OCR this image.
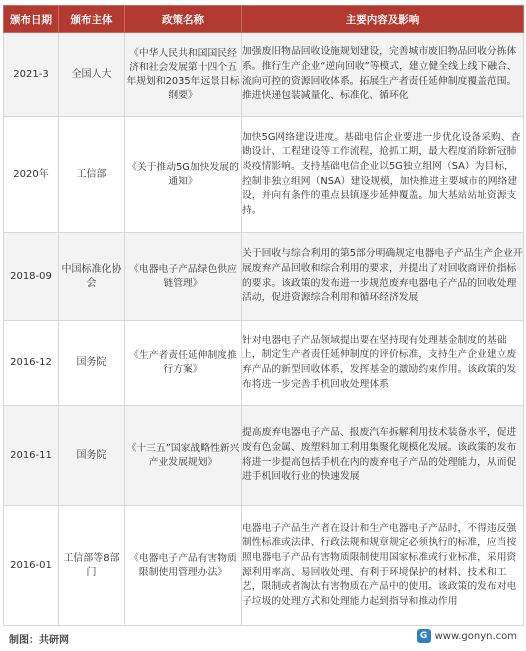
颁布日期	颁布主体	政策名称	主要内容及影响
2021-3	全国人大	《中华人民共和国国民经济和社会发展第十四个五年规划和2035年远景目标纲要》	加强废旧物品回收设施规划建设，完善城市废旧物品回收分拣体系。推行生产企业“逆向回收”等模式，建立健全线上线下融合、流向可控的资源回收体系。拓展生产者责任延伸制度覆盖范围。推进快递包装减量化、标准化、循环化
2020年	工信部	《关于推动5G加快发展的通知》	加快5G网络建设进度。基础电信企业要进一步优化设备采购、查勘设计、工程建设等工作流程，抢抓工期，最大程度消除新冠肺炎疫情影响。支持基础电信企业以5G独立组网（SA）为目标，控制非独立组网（NSA）建设规模，加快推进主要城市的网络建设，并向有条件的重点县镇逐步延伸覆盖。加大基站站址资源支持。
2018-09	中国标准化协会	《电器电子产品绿色供应链管理》	关于回收与综合利用的第5部分明确规定电器电子产品生产企业开展废弃产品回收和综合利用的要求，并提出了对回收商评价指标的要求。该政策的发布进一步规范废弃电器电子产品的回收处理活动，促进资源综合利用和循环经济发展
2016-12	国务院	《生产者责任延伸制度推行方案》	针对电器电子产品领域提出要在坚持现有处理基金制度的基础上，制定生产者责任延伸制度的评价标准，支持生产企业建立废弃产品的新型回收体系，发挥基金的激励约束作用。该政策的发布将进一步完善手机回收处理体系
2016-11	国务院	《十三五”国家战略性新兴产业发展规划》	提高废弃电器电子产品、报废汽车拆解利用技术装备水平，促进废有色金属、废塑料加工利用集聚化规模化发展。该政策的发布将进一步提高包括手机在内的废弃电子产品的处理能力，从而促进手机回收行业的快速发展
2016-01	工信部等8部门	《电器电子产品有害物质限制使用管理办法》	电器电子产品生产者在设计和生产电器电子产品时，不得违反强制性标准或法律、行政法规和规章规定必须执行的标准，应当按照电器电子产品有害物质限制使用国家标准或行业标准，采用资源利用率高、易回收处理、有利于环境保护的材料、技术和工艺，限制或者淘汰有害物质在产品中的使用。该政策的发布对电子垃圾的处理方式和处理能力起到指导和推动作用
制图：共研网	G www.gonyn.com
